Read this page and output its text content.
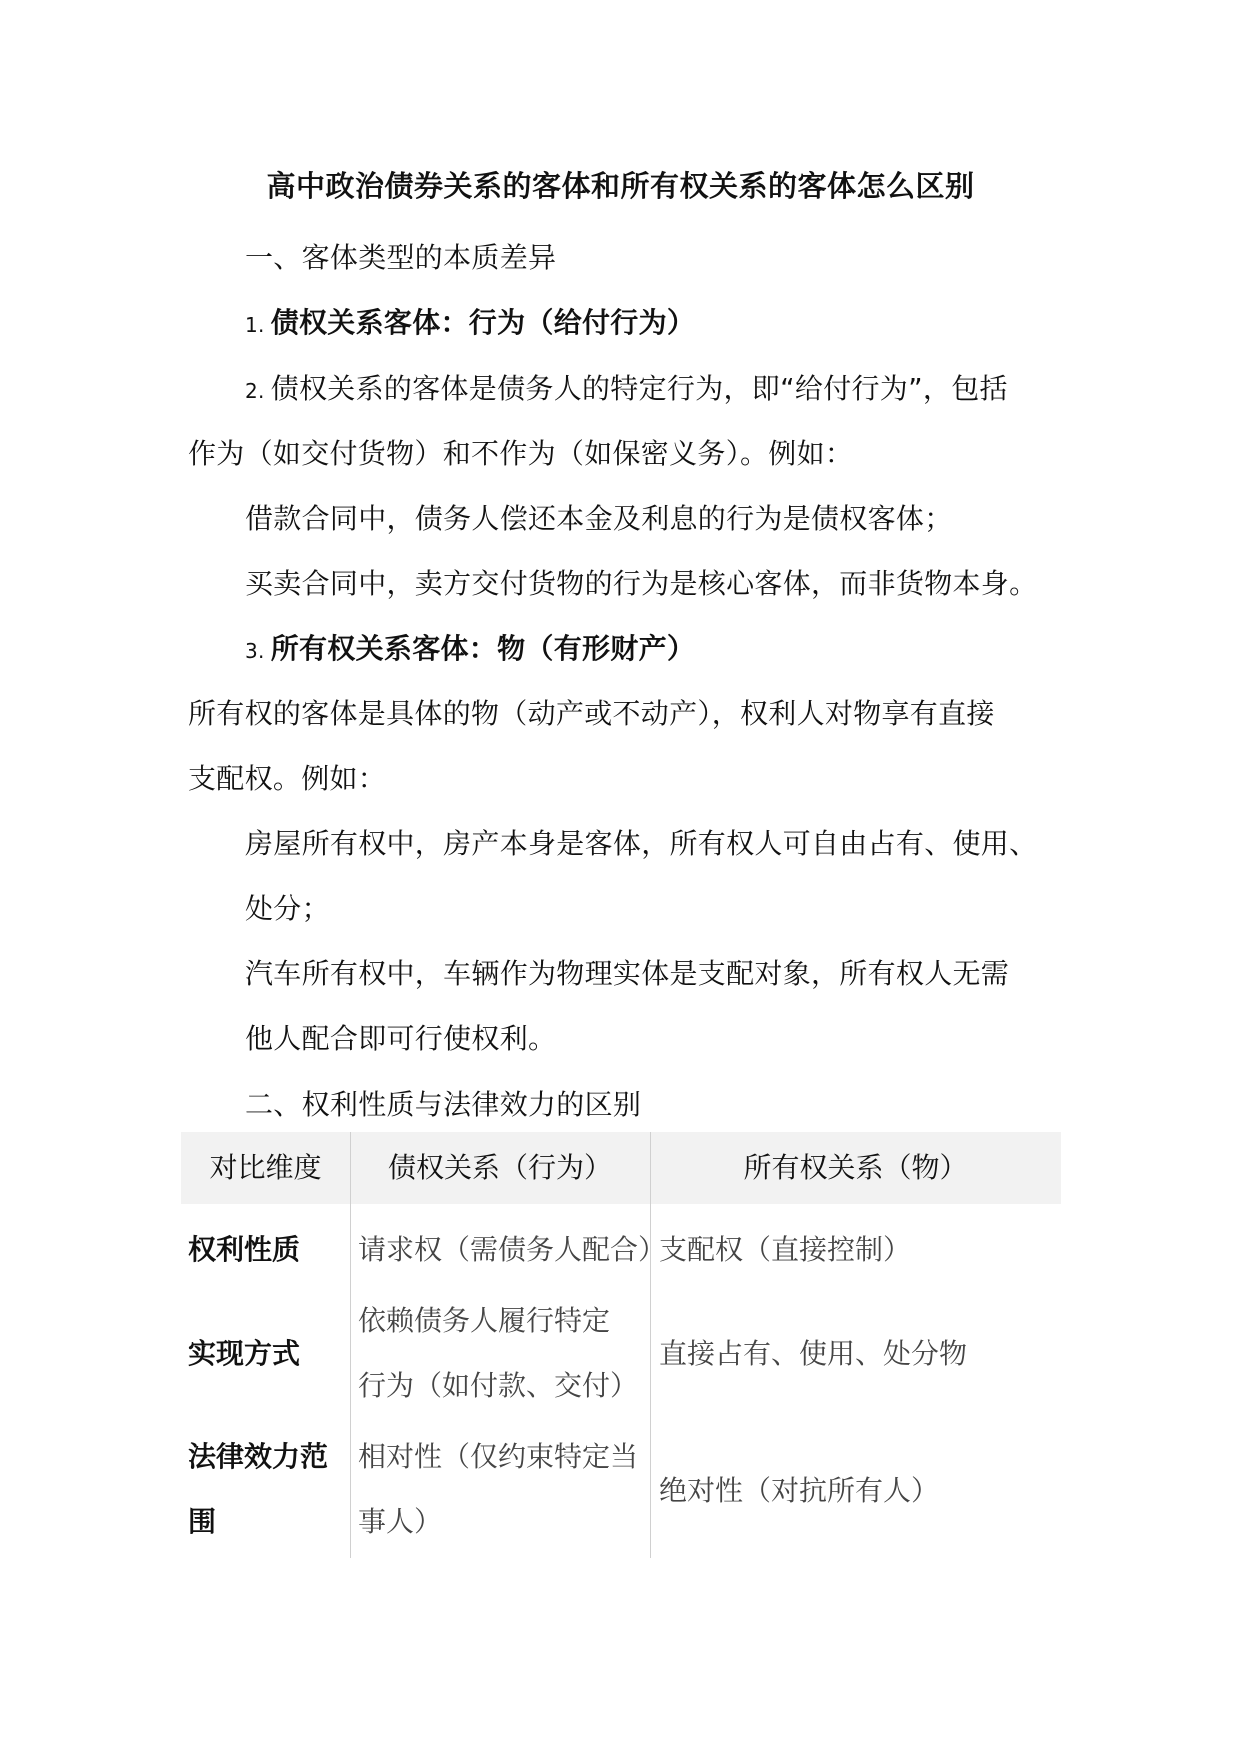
高中政治债券关系的客体和所有权关系的客体怎么区别
一、客体类型的本质差异
1. 债权关系客体：行为（给付行为）
2. 债权关系的客体是债务人的特定行为，即“给付行为”，包括
作为（如交付货物）和不作为（如保密义务）。例如：
借款合同中，债务人偿还本金及利息的行为是债权客体；
买卖合同中，卖方交付货物的行为是核心客体，而非货物本身。
3. 所有权关系客体：物（有形财产）
所有权的客体是具体的物（动产或不动产），权利人对物享有直接
支配权。例如：
房屋所有权中，房产本身是客体，所有权人可自由占有、使用、
处分；
汽车所有权中，车辆作为物理实体是支配对象，所有权人无需
他人配合即可行使权利。
二、权利性质与法律效力的区别
对比维度	债权关系（行为）	所有权关系（物）
权利性质 请求权（需债务人配合）
支配权（直接控制）
实现方式
依赖债务人履行特定
行为（如付款、交付）
直接占有、使用、处分物
法律效力范
围
相对性（仅约束特定当
事人）
绝对性（对抗所有人）
